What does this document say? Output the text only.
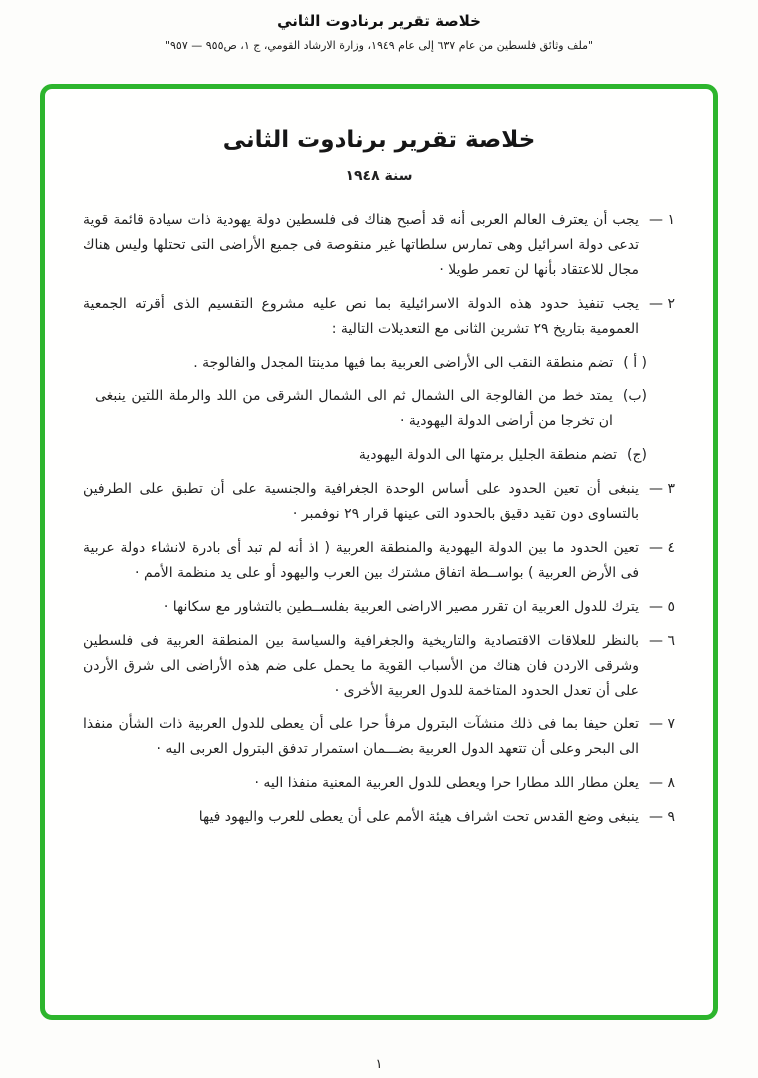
خلاصة تقرير برنادوت الثاني
"ملف وثائق فلسطين من عام ٦٣٧ إلى عام ١٩٤٩، وزارة الارشاد القومي، ج ١، ص٩٥٥ — ٩٥٧"
خلاصة تقرير برنادوت الثانى
سنة ١٩٤٨
١ —
يجب أن يعترف العالم العربى أنه قد أصبح هناك فى فلسطين دولة يهودية ذات سيادة قائمة قوية تدعى دولة اسرائيل وهى تمارس سلطاتها غير منقوصة فى جميع الأراضى التى تحتلها وليس هناك مجال للاعتقاد بأنها لن تعمر طويلا ·
٢ —
يجب تنفيذ حدود هذه الدولة الاسرائيلية بما نص عليه مشروع التقسيم الذى أقرته الجمعية العمومية بتاريخ ٢٩ تشرين الثانى مع التعديلات التالية :
( أ )
تضم منطقة النقب الى الأراضى العربية بما فيها مدينتا المجدل والفالوجة .
(ب)
يمتد خط من الفالوجة الى الشمال ثم الى الشمال الشرقى من اللد والرملة اللتين ينبغى ان تخرجا من أراضى الدولة اليهودية ·
(ج)
تضم منطقة الجليل برمتها الى الدولة اليهودية
٣ —
ينبغى أن تعين الحدود على أساس الوحدة الجغرافية والجنسية على أن تطبق على الطرفين بالتساوى دون تقيد دقيق بالحدود التى عينها قرار ٢٩ نوفمبر ·
٤ —
تعين الحدود ما بين الدولة اليهودية والمنطقة العربية ( اذ أنه لم تبد أى بادرة لانشاء دولة عربية فى الأرض العربية ) بواســطة اتفاق مشترك بين العرب واليهود أو على يد منظمة الأمم ·
٥ —
يترك للدول العربية ان تقرر مصير الاراضى العربية بفلســطين بالتشاور مع سكانها ·
٦ —
بالنظر للعلاقات الاقتصادية والتاريخية والجغرافية والسياسة بين المنطقة العربية فى فلسطين وشرقى الاردن فان هناك من الأسباب القوية ما يحمل على ضم هذه الأراضى الى شرق الأردن على أن تعدل الحدود المتاخمة للدول العربية الأخرى ·
٧ —
تعلن حيفا بما فى ذلك منشآت البترول مرفأ حرا على أن يعطى للدول العربية ذات الشأن منفذا الى البحر وعلى أن تتعهد الدول العربية بضـــمان استمرار تدفق البترول العربى اليه ·
٨ —
يعلن مطار اللد مطارا حرا ويعطى للدول العربية المعنية منفذا اليه ·
٩ —
ينبغى وضع القدس تحت اشراف هيئة الأمم على أن يعطى للعرب واليهود فيها
١
